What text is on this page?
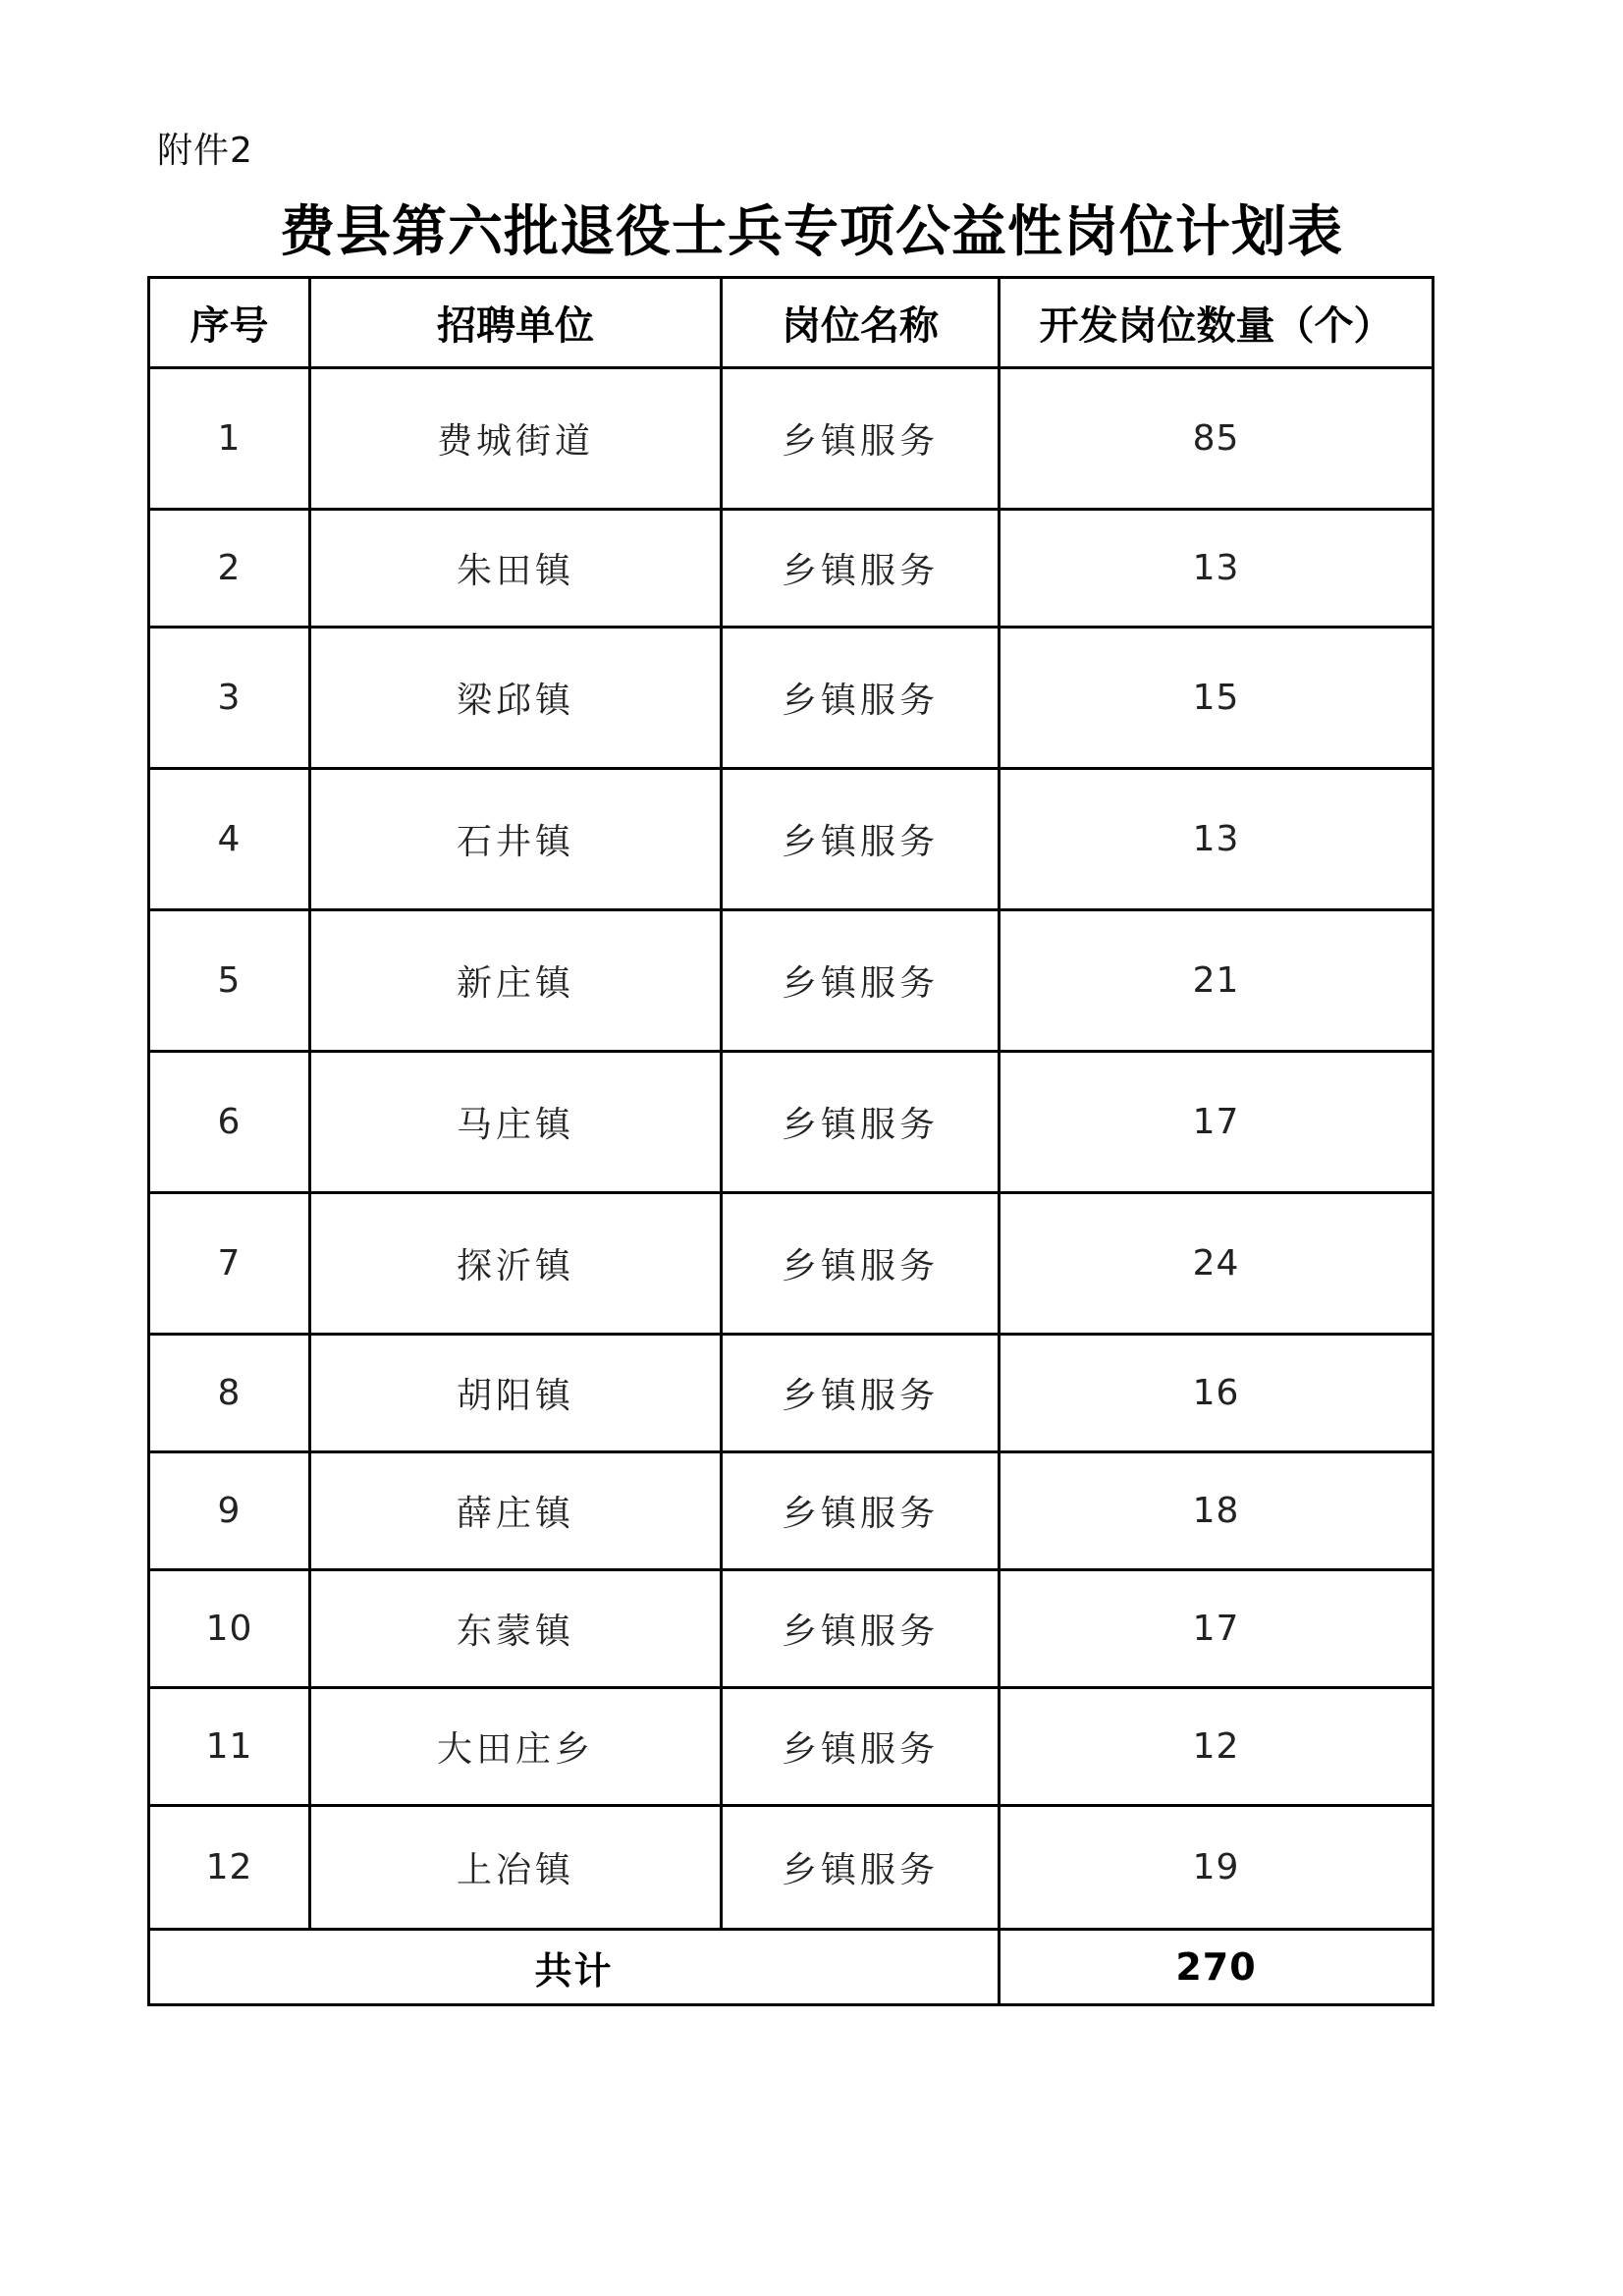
附件2
费县第六批退役士兵专项公益性岗位计划表
序号	招聘单位	岗位名称	开发岗位数量（个）
1	费城街道	乡镇服务	85
2	朱田镇	乡镇服务	13
3	梁邱镇	乡镇服务	15
4	石井镇	乡镇服务	13
5	新庄镇	乡镇服务	21
6	马庄镇	乡镇服务	17
7	探沂镇	乡镇服务	24
8	胡阳镇	乡镇服务	16
9	薛庄镇	乡镇服务	18
10	东蒙镇	乡镇服务	17
11	大田庄乡	乡镇服务	12
12	上冶镇	乡镇服务	19
共计			270
